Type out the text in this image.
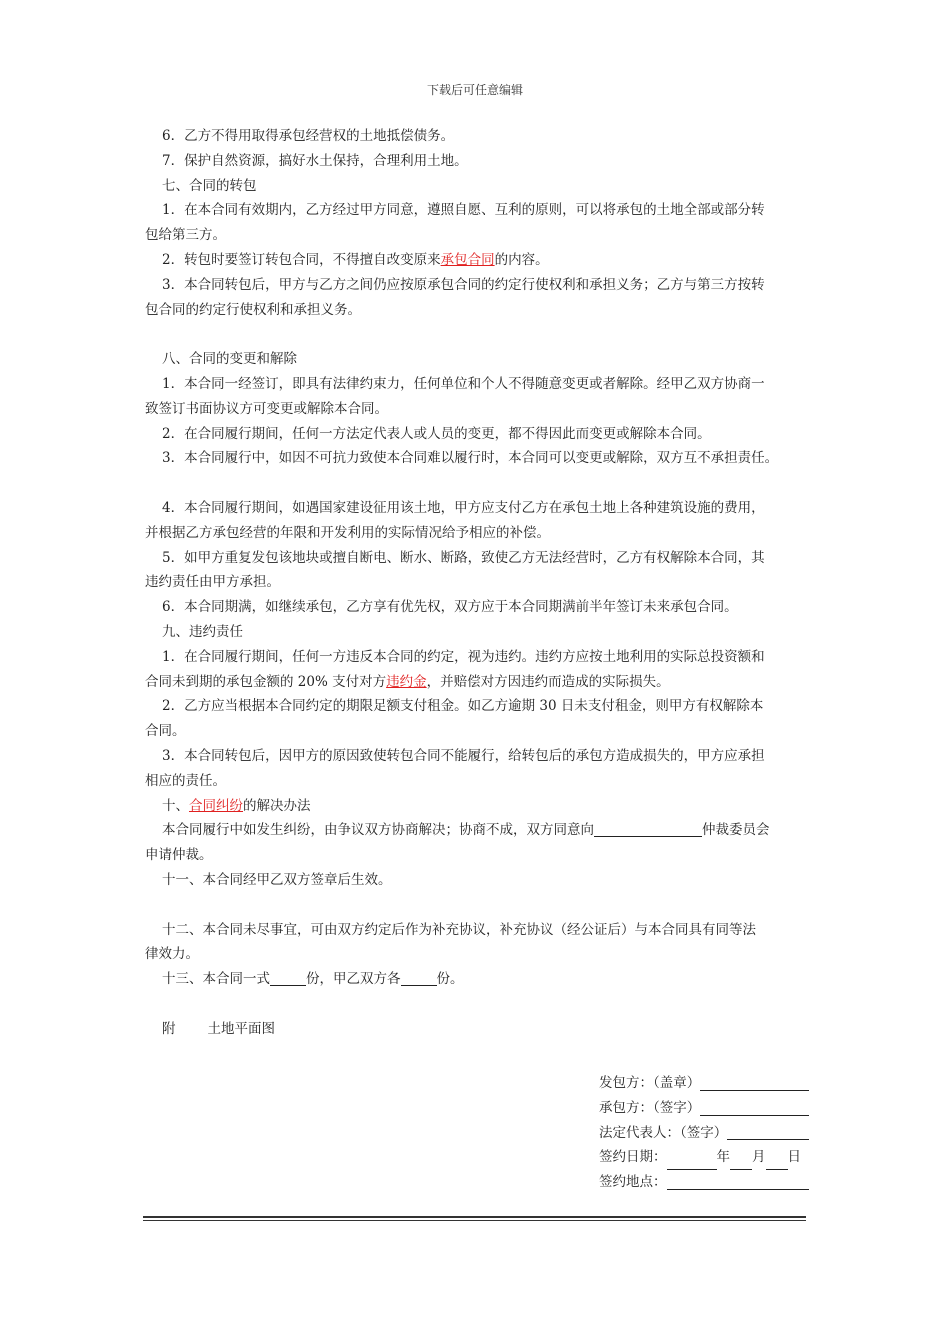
下载后可任意编辑
6．乙方不得用取得承包经营权的土地抵偿债务。
7．保护自然资源，搞好水土保持，合理利用土地。
七、合同的转包
1．在本合同有效期内，乙方经过甲方同意，遵照自愿、互利的原则，可以将承包的土地全部或部分转
包给第三方。
2．转包时要签订转包合同，不得擅自改变原来承包合同的内容。
3．本合同转包后，甲方与乙方之间仍应按原承包合同的约定行使权利和承担义务；乙方与第三方按转
包合同的约定行使权利和承担义务。
八、合同的变更和解除
1．本合同一经签订，即具有法律约束力，任何单位和个人不得随意变更或者解除。经甲乙双方协商一
致签订书面协议方可变更或解除本合同。
2．在合同履行期间，任何一方法定代表人或人员的变更，都不得因此而变更或解除本合同。
3．本合同履行中，如因不可抗力致使本合同难以履行时，本合同可以变更或解除，双方互不承担责任。
4．本合同履行期间，如遇国家建设征用该土地，甲方应支付乙方在承包土地上各种建筑设施的费用，
并根据乙方承包经营的年限和开发利用的实际情况给予相应的补偿。
5．如甲方重复发包该地块或擅自断电、断水、断路，致使乙方无法经营时，乙方有权解除本合同，其
违约责任由甲方承担。
6．本合同期满，如继续承包，乙方享有优先权，双方应于本合同期满前半年签订未来承包合同。
九、违约责任
1．在合同履行期间，任何一方违反本合同的约定，视为违约。违约方应按土地利用的实际总投资额和
合同未到期的承包金额的 20% 支付对方违约金，并赔偿对方因违约而造成的实际损失。
2．乙方应当根据本合同约定的期限足额支付租金。如乙方逾期 30 日未支付租金，则甲方有权解除本
合同。
3．本合同转包后，因甲方的原因致使转包合同不能履行，给转包后的承包方造成损失的，甲方应承担
相应的责任。
十、合同纠纷的解决办法
本合同履行中如发生纠纷，由争议双方协商解决；协商不成，双方同意向	仲裁委员会
申请仲裁。
十一、本合同经甲乙双方签章后生效。
十二、本合同未尽事宜，可由双方约定后作为补充协议，补充协议（经公证后）与本合同具有同等法
律效力。
十三、本合同一式	份，甲乙双方各	份。
附 土地平面图
发包方：（盖章）
承包方：（签字）
法定代表人：（签字）
签约日期：	年 月 日
签约地点：
